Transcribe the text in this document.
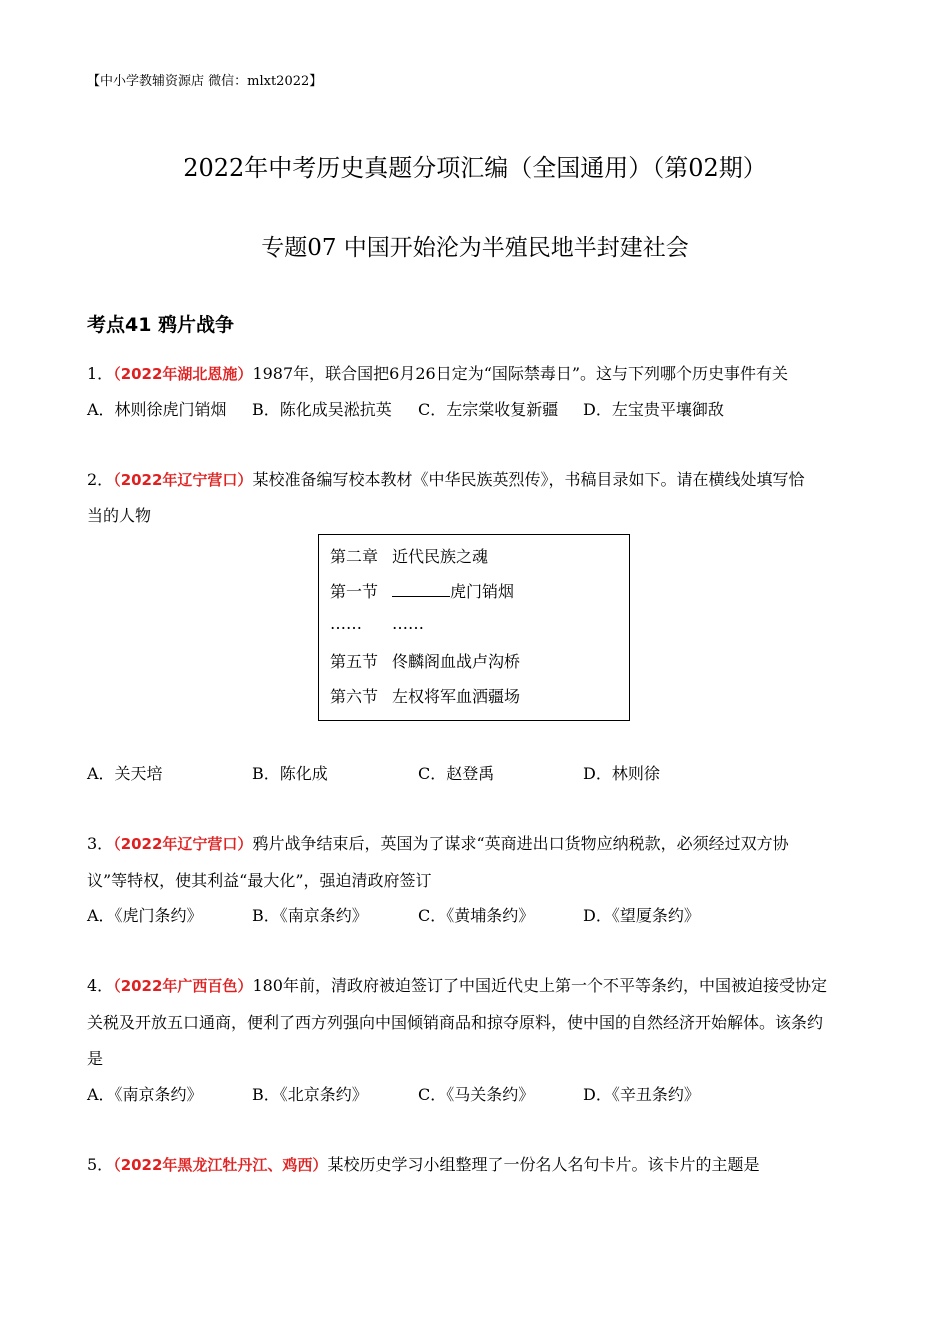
【中小学教辅资源店 微信：mlxt2022】
2022年中考历史真题分项汇编（全国通用）（第02期）
专题07 中国开始沦为半殖民地半封建社会
考点41 鸦片战争
1．（2022年湖北恩施）1987年，联合国把6月26日定为“国际禁毒日”。这与下列哪个历史事件有关
A．林则徐虎门销烟 B．陈化成吴淞抗英 C．左宗棠收复新疆 D．左宝贵平壤御敌
2．（2022年辽宁营口）某校准备编写校本教材《中华民族英烈传》，书稿目录如下。请在横线处填写恰
当的人物
第二章 近代民族之魂
第一节	虎门销烟
…… ……
第五节 佟麟阁血战卢沟桥
第六节 左权将军血洒疆场
A．关天培	B．陈化成	C．赵登禹	D．林则徐
3．（2022年辽宁营口）鸦片战争结束后，英国为了谋求“英商进出口货物应纳税款，必须经过双方协
议”等特权，使其利益“最大化”，强迫清政府签订
A．《虎门条约》	B．《南京条约》	C．《黄埔条约》	D．《望厦条约》
4．（2022年广西百色）180年前，清政府被迫签订了中国近代史上第一个不平等条约，中国被迫接受协定
关税及开放五口通商，便利了西方列强向中国倾销商品和掠夺原料，使中国的自然经济开始解体。该条约
是
A．《南京条约》	B．《北京条约》	C．《马关条约》	D．《辛丑条约》
5．（2022年黑龙江牡丹江、鸡西）某校历史学习小组整理了一份名人名句卡片。该卡片的主题是
